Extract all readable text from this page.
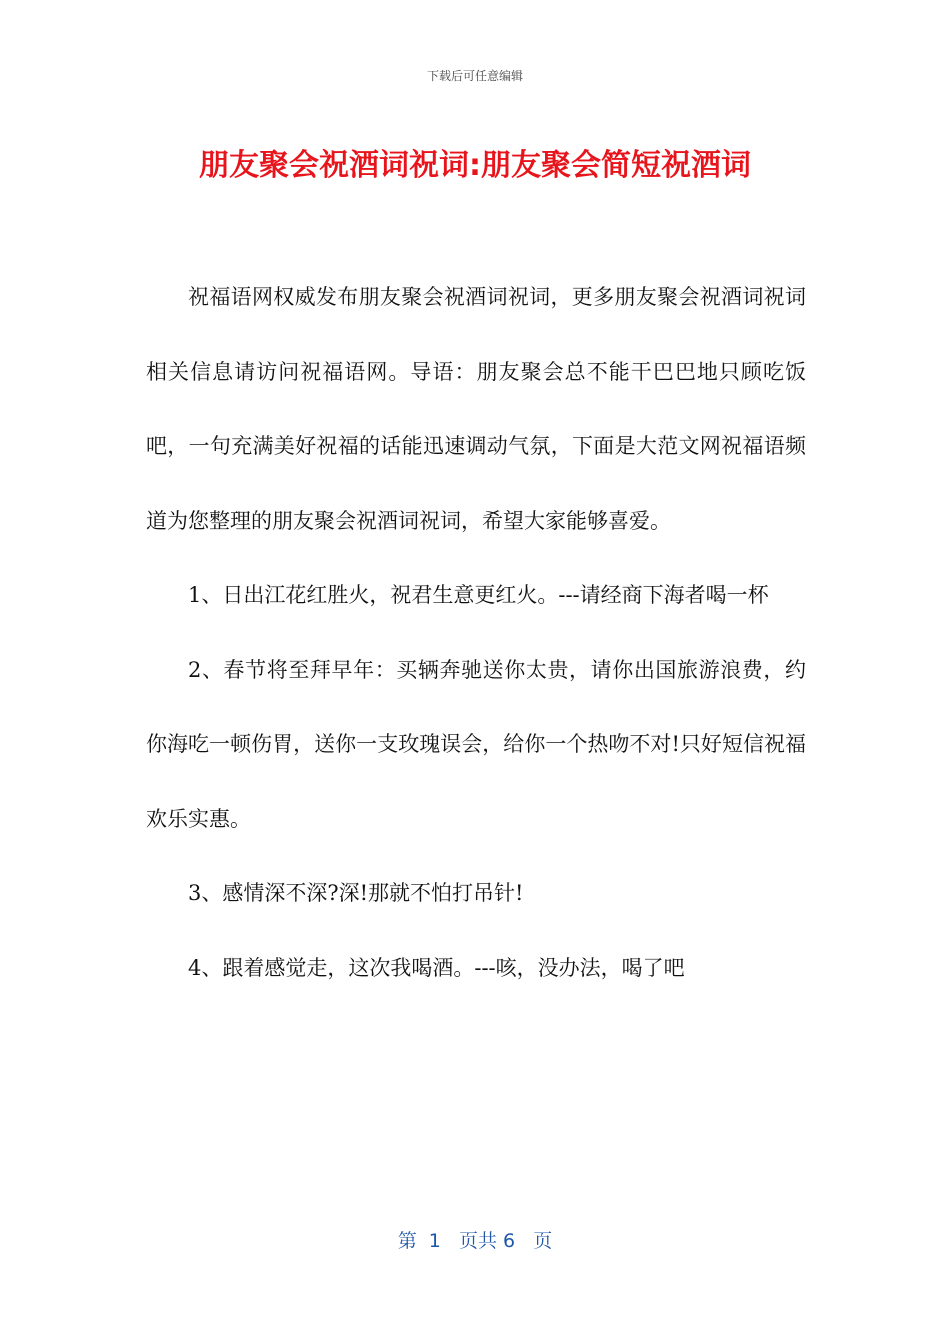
下载后可任意编辑
朋友聚会祝酒词祝词:朋友聚会简短祝酒词

祝福语网权威发布朋友聚会祝酒词祝词，更多朋友聚会祝酒词祝词相关信息请访问祝福语网。导语：朋友聚会总不能干巴巴地只顾吃饭吧，一句充满美好祝福的话能迅速调动气氛，下面是大范文网祝福语频道为您整理的朋友聚会祝酒词祝词，希望大家能够喜爱。

1、日出江花红胜火，祝君生意更红火。---请经商下海者喝一杯

2、春节将至拜早年：买辆奔驰送你太贵，请你出国旅游浪费，约你海吃一顿伤胃，送你一支玫瑰误会，给你一个热吻不对!只好短信祝福欢乐实惠。

3、感情深不深?深!那就不怕打吊针!

4、跟着感觉走，这次我喝酒。---咳，没办法，喝了吧

第  1   页共 6   页
